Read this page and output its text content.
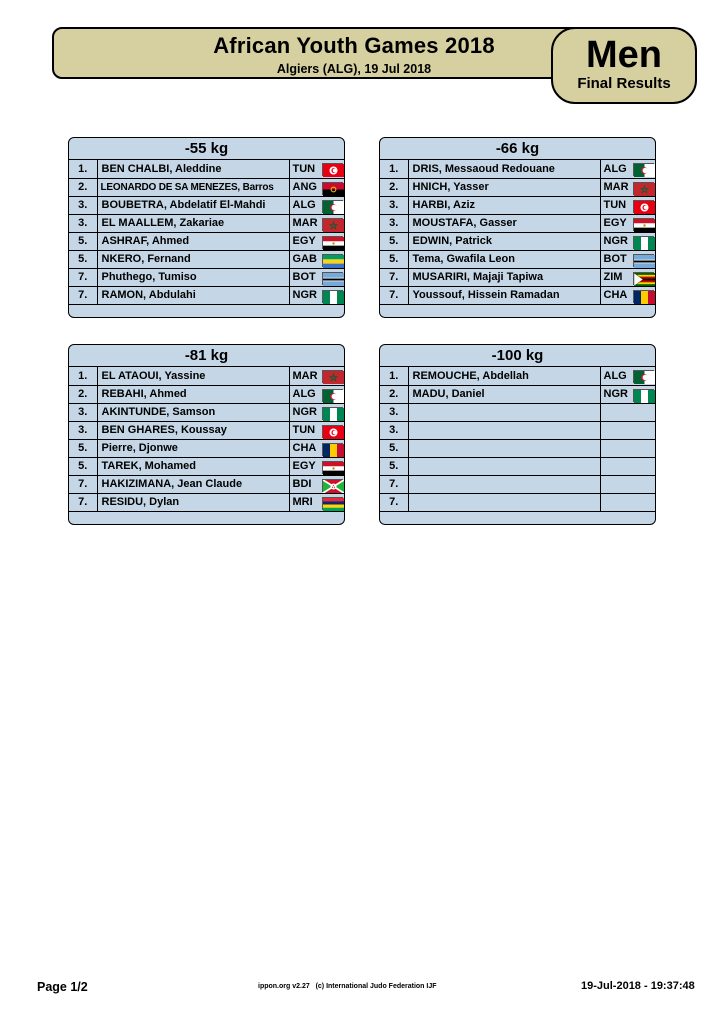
African Youth Games 2018
Algiers (ALG), 19 Jul 2018	Men
Final Results
-55 kg
1.	BEN CHALBI, Aleddine	TUN

2.	LEONARDO DE SA MENEZES, Barros	ANG

3.	BOUBETRA, Abdelatif El-Mahdi	ALG

3.	EL MAALLEM, Zakariae	MAR

5.	ASHRAF, Ahmed	EGY

5.	NKERO, Fernand	GAB

7.	Phuthego, Tumiso	BOT

7.	RAMON, Abdulahi	NGR
-66 kg
1.	DRIS, Messaoud Redouane	ALG

2.	HNICH, Yasser	MAR

3.	HARBI, Aziz	TUN

3.	MOUSTAFA, Gasser	EGY

5.	EDWIN, Patrick	NGR

5.	Tema, Gwafila Leon	BOT

7.	MUSARIRI, Majaji Tapiwa	ZIM

7.	Youssouf, Hissein Ramadan	CHA
-81 kg
1.	EL ATAOUI, Yassine	MAR

2.	REBAHI, Ahmed	ALG

3.	AKINTUNDE, Samson	NGR

3.	BEN GHARES, Koussay	TUN

5.	Pierre, Djonwe	CHA

5.	TAREK, Mohamed	EGY

7.	HAKIZIMANA, Jean Claude	BDI

7.	RESIDU, Dylan	MRI
-100 kg
1.	REMOUCHE, Abdellah	ALG

2.	MADU, Daniel	NGR

3.		
3.		
5.		
5.		
7.		
7.		
Page 1/2	ippon.org v2.27   (c) International Judo Federation IJF	19-Jul-2018 - 19:37:48
